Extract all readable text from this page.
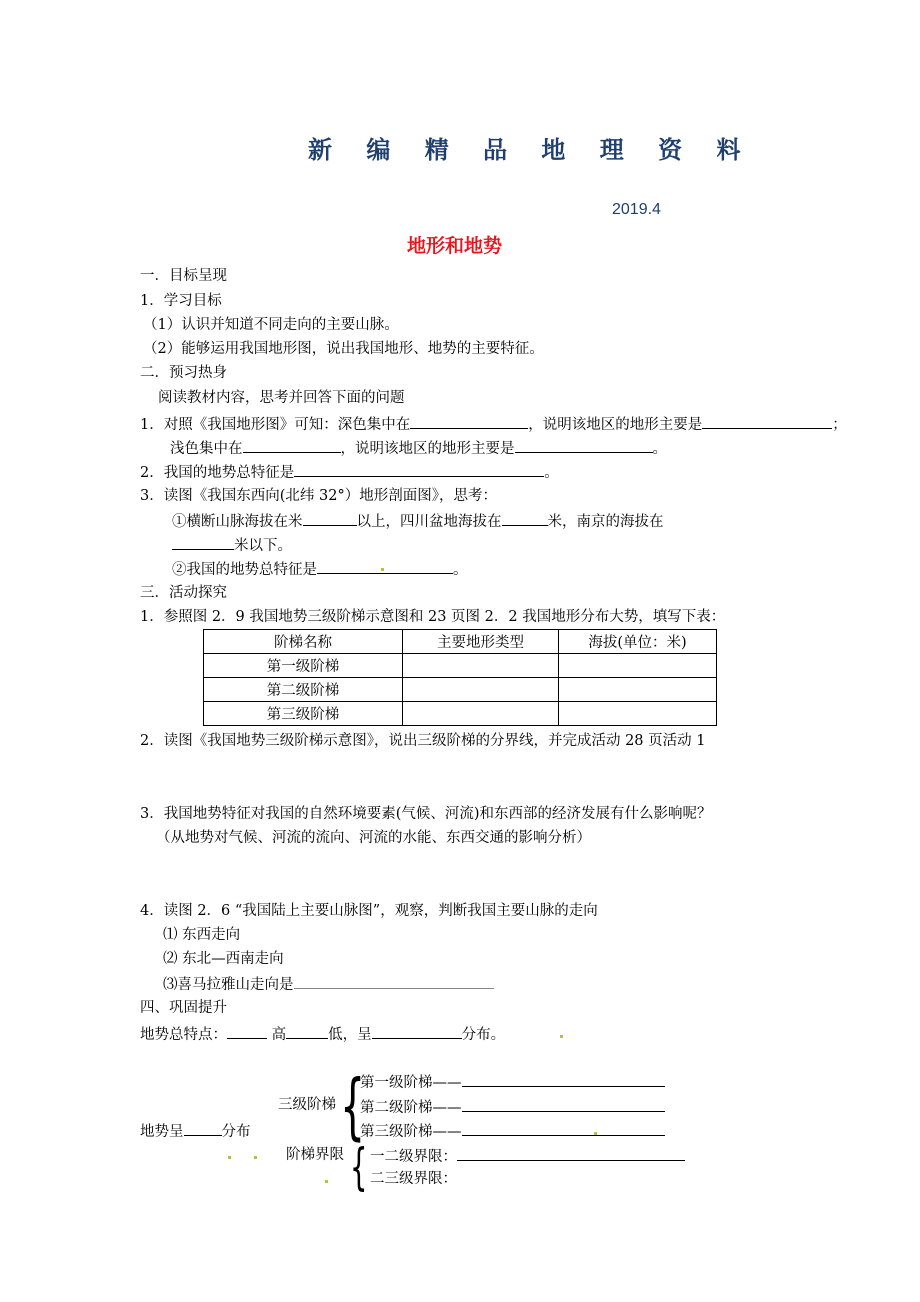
新 编 精 品 地 理 资 料
2019.4
地形和地势
一．目标呈现
1．学习目标
（1）认识并知道不同走向的主要山脉。
（2）能够运用我国地形图，说出我国地形、地势的主要特征。
二．预习热身
阅读教材内容，思考并回答下面的问题
1．对照《我国地形图》可知：深色集中在	，说明该地区的地形主要是	；
浅色集中在	，说明该地区的地形主要是	。
2．我国的地势总特征是	。
3．读图《我国东西向(北纬 32°）地形剖面图》，思考：
①横断山脉海拔在米	以上，四川盆地海拔在	米，南京的海拔在
米以下。
②我国的地势总特征是	。
三．活动探究
1．参照图 2．9 我国地势三级阶梯示意图和 23 页图 2．2 我国地形分布大势，填写下表：
阶梯名称	主要地形类型	海拔(单位：米)
第一级阶梯		
第二级阶梯		
第三级阶梯		
2．读图《我国地势三级阶梯示意图》，说出三级阶梯的分界线，并完成活动 28 页活动 1
3．我国地势特征对我国的自然环境要素(气候、河流)和东西部的经济发展有什么影响呢？
（从地势对气候、河流的流向、河流的水能、东西交通的影响分析）
4．读图 2．6 “我国陆上主要山脉图”，观察，判断我国主要山脉的走向
⑴ 东西走向
⑵ 东北—西南走向
⑶喜马拉雅山走向是
四、巩固提升
地势总特点：	高	低，呈	分布。
三级阶梯 {
第一级阶梯——
第二级阶梯——
第三级阶梯——
地势呈	分布
阶梯界限 { 一二级界限：
二三级界限：
